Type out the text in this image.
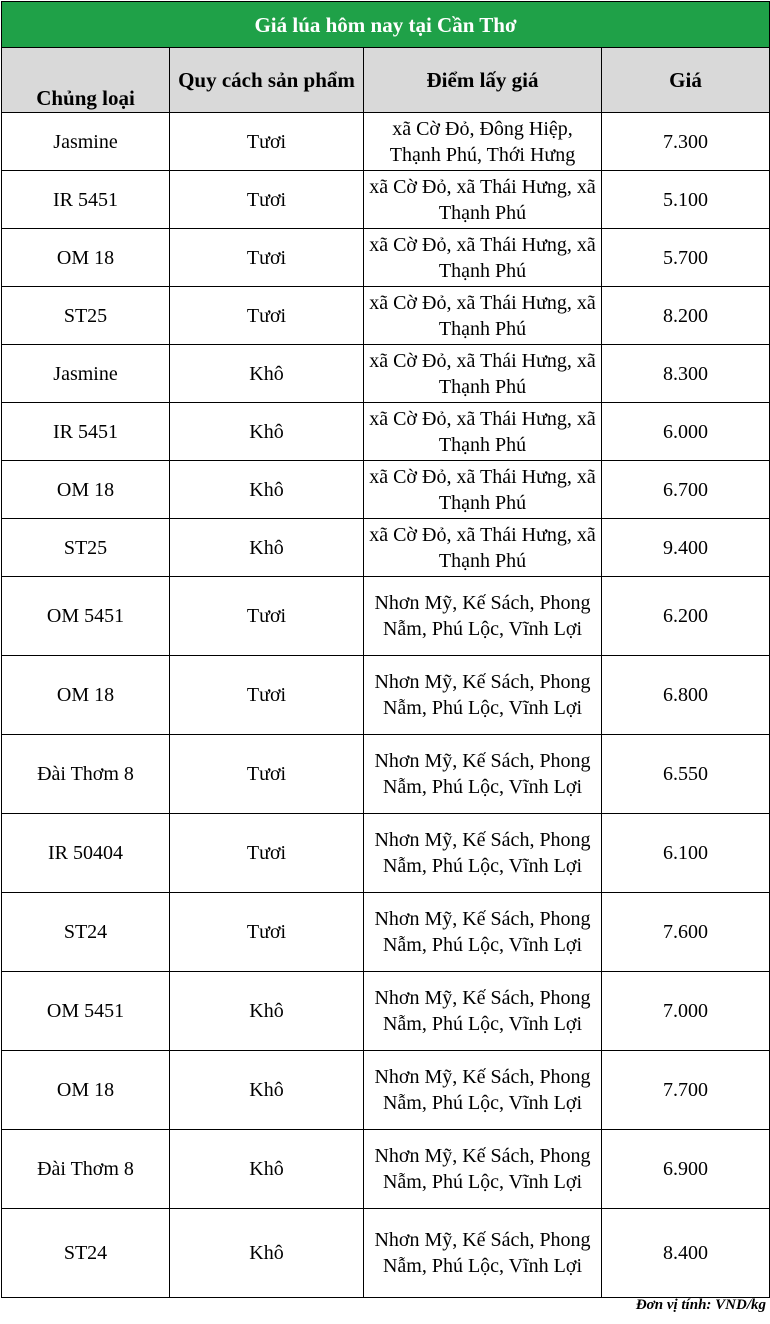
Giá lúa hôm nay tại Cần Thơ			
Chủng loại	Quy cách sản phẩm	Điểm lấy giá	Giá
Jasmine	Tươi	xã Cờ Đỏ, Đông Hiệp, Thạnh Phú, Thới Hưng	7.300
IR 5451	Tươi	xã Cờ Đỏ, xã Thái Hưng, xã Thạnh Phú	5.100
OM 18	Tươi	xã Cờ Đỏ, xã Thái Hưng, xã Thạnh Phú	5.700
ST25	Tươi	xã Cờ Đỏ, xã Thái Hưng, xã Thạnh Phú	8.200
Jasmine	Khô	xã Cờ Đỏ, xã Thái Hưng, xã Thạnh Phú	8.300
IR 5451	Khô	xã Cờ Đỏ, xã Thái Hưng, xã Thạnh Phú	6.000
OM 18	Khô	xã Cờ Đỏ, xã Thái Hưng, xã Thạnh Phú	6.700
ST25	Khô	xã Cờ Đỏ, xã Thái Hưng, xã Thạnh Phú	9.400
OM 5451	Tươi	Nhơn Mỹ, Kế Sách, Phong Nẫm, Phú Lộc, Vĩnh Lợi	6.200
OM 18	Tươi	Nhơn Mỹ, Kế Sách, Phong Nẫm, Phú Lộc, Vĩnh Lợi	6.800
Đài Thơm 8	Tươi	Nhơn Mỹ, Kế Sách, Phong Nẫm, Phú Lộc, Vĩnh Lợi	6.550
IR 50404	Tươi	Nhơn Mỹ, Kế Sách, Phong Nẫm, Phú Lộc, Vĩnh Lợi	6.100
ST24	Tươi	Nhơn Mỹ, Kế Sách, Phong Nẫm, Phú Lộc, Vĩnh Lợi	7.600
OM 5451	Khô	Nhơn Mỹ, Kế Sách, Phong Nẫm, Phú Lộc, Vĩnh Lợi	7.000
OM 18	Khô	Nhơn Mỹ, Kế Sách, Phong Nẫm, Phú Lộc, Vĩnh Lợi	7.700
Đài Thơm 8	Khô	Nhơn Mỹ, Kế Sách, Phong Nẫm, Phú Lộc, Vĩnh Lợi	6.900
ST24	Khô	Nhơn Mỹ, Kế Sách, Phong Nẫm, Phú Lộc, Vĩnh Lợi	8.400
Đơn vị tính: VND/kg
